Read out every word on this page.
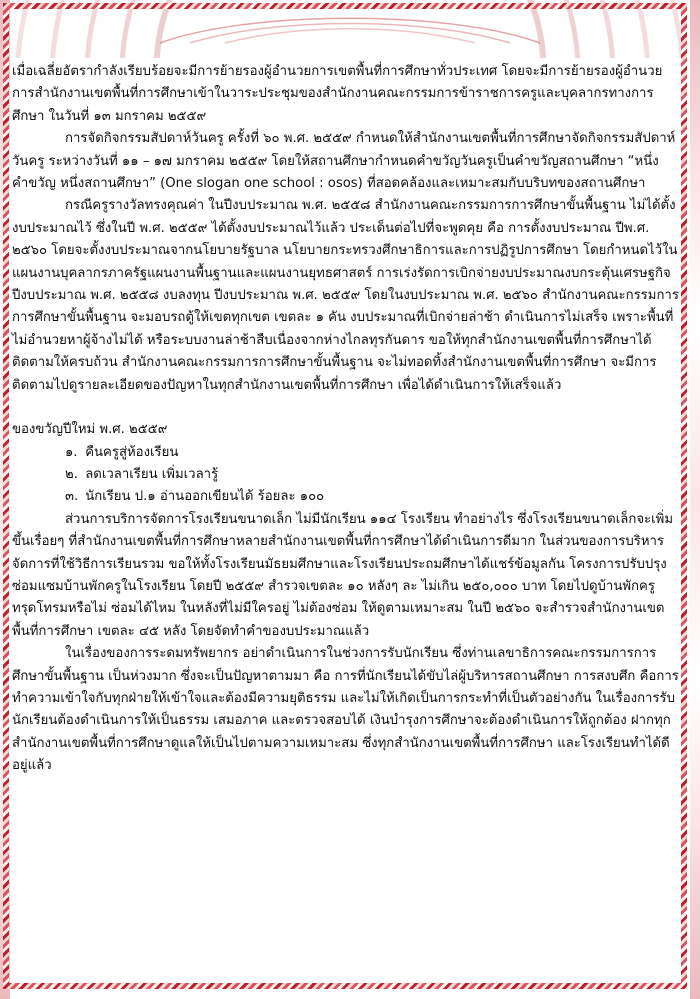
เมื่อเฉลี่ยอัตรากำลังเรียบร้อยจะมีการย้ายรองผู้อำนวยการเขตพื้นที่การศึกษาทั่วประเทศ โดยจะมีการย้ายรองผู้อำนวยการสำนักงานเขตพื้นที่การศึกษาเข้าในวาระประชุมของสำนักงานคณะกรรมการข้าราชการครูและบุคลากรทางการศึกษา ในวันที่ ๑๓ มกราคม ๒๕๕๙

การจัดกิจกรรมสัปดาห์วันครู ครั้งที่ ๖๐ พ.ศ. ๒๕๕๙ กำหนดให้สำนักงานเขตพื้นที่การศึกษาจัดกิจกรรมสัปดาห์วันครู ระหว่างวันที่ ๑๑ – ๑๗ มกราคม ๒๕๕๙ โดยให้สถานศึกษากำหนดคำขวัญวันครูเป็นคำขวัญสถานศึกษา “หนึ่งคำขวัญ หนึ่งสถานศึกษา” (One slogan one school : osos) ที่สอดคล้องและเหมาะสมกับบริบทของสถานศึกษา

กรณีครูรางวัลทรงคุณค่า ในปีงบประมาณ พ.ศ. ๒๕๕๘ สำนักงานคณะกรรมการการศึกษาขั้นพื้นฐาน ไม่ได้ตั้งงบประมาณไว้ ซึ่งในปี พ.ศ. ๒๕๕๙ ได้ตั้งงบประมาณไว้แล้ว ประเด็นต่อไปที่จะพูดคุย คือ การตั้งงบประมาณ ปีพ.ศ. ๒๕๖๐ โดยจะตั้งงบประมาณจากนโยบายรัฐบาล นโยบายกระทรวงศึกษาธิการและการปฏิรูปการศึกษา โดยกำหนดไว้ในแผนงานบุคลากรภาครัฐแผนงานพื้นฐานและแผนงานยุทธศาสตร์ การเร่งรัดการเบิกจ่ายงบประมาณงบกระตุ้นเศรษฐกิจปีงบประมาณ พ.ศ. ๒๕๕๘ งบลงทุน ปีงบประมาณ พ.ศ. ๒๕๕๙ โดยในงบประมาณ พ.ศ. ๒๕๖๐ สำนักงานคณะกรรมการการศึกษาขั้นพื้นฐาน จะมอบรถตู้ให้เขตทุกเขต เขตละ ๑ คัน งบประมาณที่เบิกจ่ายล่าช้า ดำเนินการไม่เสร็จ เพราะพื้นที่ไม่อำนวยหาผู้จ้างไม่ได้ หรือระบบงานล่าช้าสืบเนื่องจากห่างไกลทุรกันดาร ขอให้ทุกสำนักงานเขตพื้นที่การศึกษาได้ติดตามให้ครบถ้วน สำนักงานคณะกรรมการการศึกษาขั้นพื้นฐาน จะไม่ทอดทิ้งสำนักงานเขตพื้นที่การศึกษา จะมีการติดตามไปดูรายละเอียดของปัญหาในทุกสำนักงานเขตพื้นที่การศึกษา เพื่อได้ดำเนินการให้เสร็จแล้ว

ของขวัญปีใหม่ พ.ศ. ๒๕๕๙

๑. คืนครูสู่ห้องเรียน

๒. ลดเวลาเรียน เพิ่มเวลารู้

๓. นักเรียน ป.๑ อ่านออกเขียนได้ ร้อยละ ๑๐๐

ส่วนการบริการจัดการโรงเรียนขนาดเล็ก ไม่มีนักเรียน ๑๑๔ โรงเรียน ทำอย่างไร ซึ่งโรงเรียนขนาดเล็กจะเพิ่มขึ้นเรื่อยๆ ที่สำนักงานเขตพื้นที่การศึกษาหลายสำนักงานเขตพื้นที่การศึกษาได้ดำเนินการดีมาก ในส่วนของการบริหารจัดการที่ใช้วิธีการเรียนรวม ขอให้ทั้งโรงเรียนมัธยมศึกษาและโรงเรียนประถมศึกษาได้แชร์ข้อมูลกัน โครงการปรับปรุง ซ่อมแซมบ้านพักครูในโรงเรียน โดยปี ๒๕๕๙ สำรวจเขตละ ๑๐ หลังๆ ละ ไม่เกิน ๒๕๐,๐๐๐ บาท โดยไปดูบ้านพักครูทรุดโทรมหรือไม่ ซ่อมได้ไหม ในหลังที่ไม่มีใครอยู่ ไม่ต้องซ่อม ให้ดูตามเหมาะสม ในปี ๒๕๖๐ จะสำรวจสำนักงานเขตพื้นที่การศึกษา เขตละ ๔๕ หลัง โดยจัดทำคำของบประมาณแล้ว

ในเรื่องของการระดมทรัพยากร อย่าดำเนินการในช่วงการรับนักเรียน ซึ่งท่านเลขาธิการคณะกรรมการการศึกษาขั้นพื้นฐาน เป็นห่วงมาก ซึ่งจะเป็นปัญหาตามมา คือ การที่นักเรียนได้ขับไล่ผู้บริหารสถานศึกษา การสงบศึก คือการทำความเข้าใจกับทุกฝ่ายให้เข้าใจและต้องมีความยุติธรรม และไม่ให้เกิดเป็นการกระทำที่เป็นตัวอย่างกัน ในเรื่องการรับนักเรียนต้องดำเนินการให้เป็นธรรม เสมอภาค และตรวจสอบได้ เงินบำรุงการศึกษาจะต้องดำเนินการให้ถูกต้อง ฝากทุกสำนักงานเขตพื้นที่การศึกษาดูแลให้เป็นไปตามความเหมาะสม ซึ่งทุกสำนักงานเขตพื้นที่การศึกษา และโรงเรียนทำได้ดีอยู่แล้ว
